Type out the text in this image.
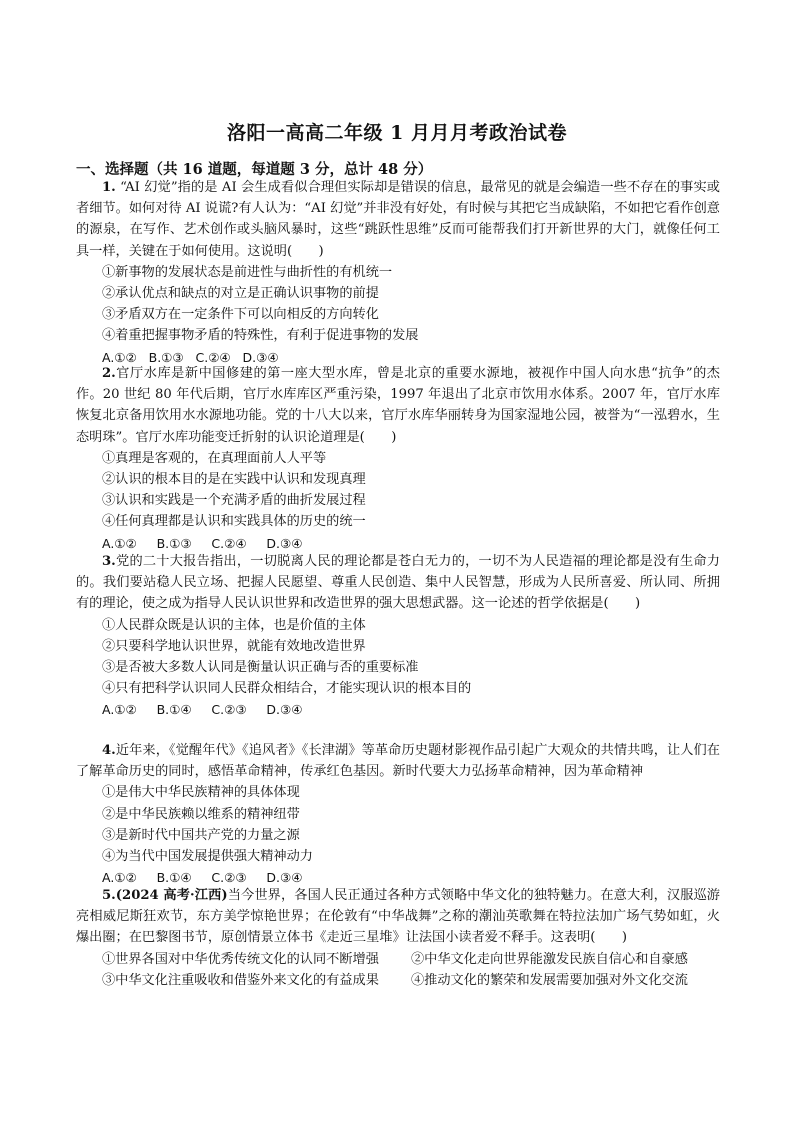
洛阳一高高二年级 1 月月月考政治试卷
一、选择题（共 16 道题，每道题 3 分，总计 48 分）

1. “AI 幻觉”指的是 AI 会生成看似合理但实际却是错误的信息，最常见的就是会编造一些不存在的事实或者细节。如何对待 AI 说谎?有人认为：“AI 幻觉”并非没有好处，有时候与其把它当成缺陷，不如把它看作创意的源泉，在写作、艺术创作或头脑风暴时，这些“跳跃性思维”反而可能帮我们打开新世界的大门，就像任何工具一样，关键在于如何使用。这说明(　　)

①新事物的发展状态是前进性与曲折性的有机统一

②承认优点和缺点的对立是正确认识事物的前提

③矛盾双方在一定条件下可以向相反的方向转化

④着重把握事物矛盾的特殊性，有利于促进事物的发展

A.①②   B.①③   C.②④   D.③④

2.官厅水库是新中国修建的第一座大型水库，曾是北京的重要水源地，被视作中国人向水患“抗争”的杰作。20 世纪 80 年代后期，官厅水库库区严重污染，1997 年退出了北京市饮用水体系。2007 年，官厅水库恢复北京备用饮用水水源地功能。党的十八大以来，官厅水库华丽转身为国家湿地公园，被誉为“一泓碧水，生态明珠”。官厅水库功能变迁折射的认识论道理是(　　)

①真理是客观的，在真理面前人人平等

②认识的根本目的是在实践中认识和发现真理

③认识和实践是一个充满矛盾的曲折发展过程

④任何真理都是认识和实践具体的历史的统一

A.①②     B.①③     C.②④     D.③④

3.党的二十大报告指出，一切脱离人民的理论都是苍白无力的，一切不为人民造福的理论都是没有生命力的。我们要站稳人民立场、把握人民愿望、尊重人民创造、集中人民智慧，形成为人民所喜爱、所认同、所拥有的理论，使之成为指导人民认识世界和改造世界的强大思想武器。这一论述的哲学依据是(　　)

①人民群众既是认识的主体，也是价值的主体

②只要科学地认识世界，就能有效地改造世界

③是否被大多数人认同是衡量认识正确与否的重要标准

④只有把科学认识同人民群众相结合，才能实现认识的根本目的

A.①②     B.①④     C.②③     D.③④

4.近年来，《觉醒年代》《追风者》《长津湖》等革命历史题材影视作品引起广大观众的共情共鸣，让人们在了解革命历史的同时，感悟革命精神，传承红色基因。新时代要大力弘扬革命精神，因为革命精神

①是伟大中华民族精神的具体体现

②是中华民族赖以维系的精神纽带

③是新时代中国共产党的力量之源

④为当代中国发展提供强大精神动力

A.①②     B.①④     C.②③     D.③④

5.(2024 高考·江西)当今世界，各国人民正通过各种方式领略中华文化的独特魅力。在意大利，汉服巡游亮相威尼斯狂欢节，东方美学惊艳世界；在伦敦有“中华战舞”之称的潮汕英歌舞在特拉法加广场气势如虹，火爆出圈；在巴黎图书节，原创情景立体书《走近三星堆》让法国小读者爱不释手。这表明(　　)

①世界各国对中华优秀传统文化的认同不断增强	②中华文化走向世界能激发民族自信心和自豪感
③中华文化注重吸收和借鉴外来文化的有益成果	④推动文化的繁荣和发展需要加强对外文化交流
